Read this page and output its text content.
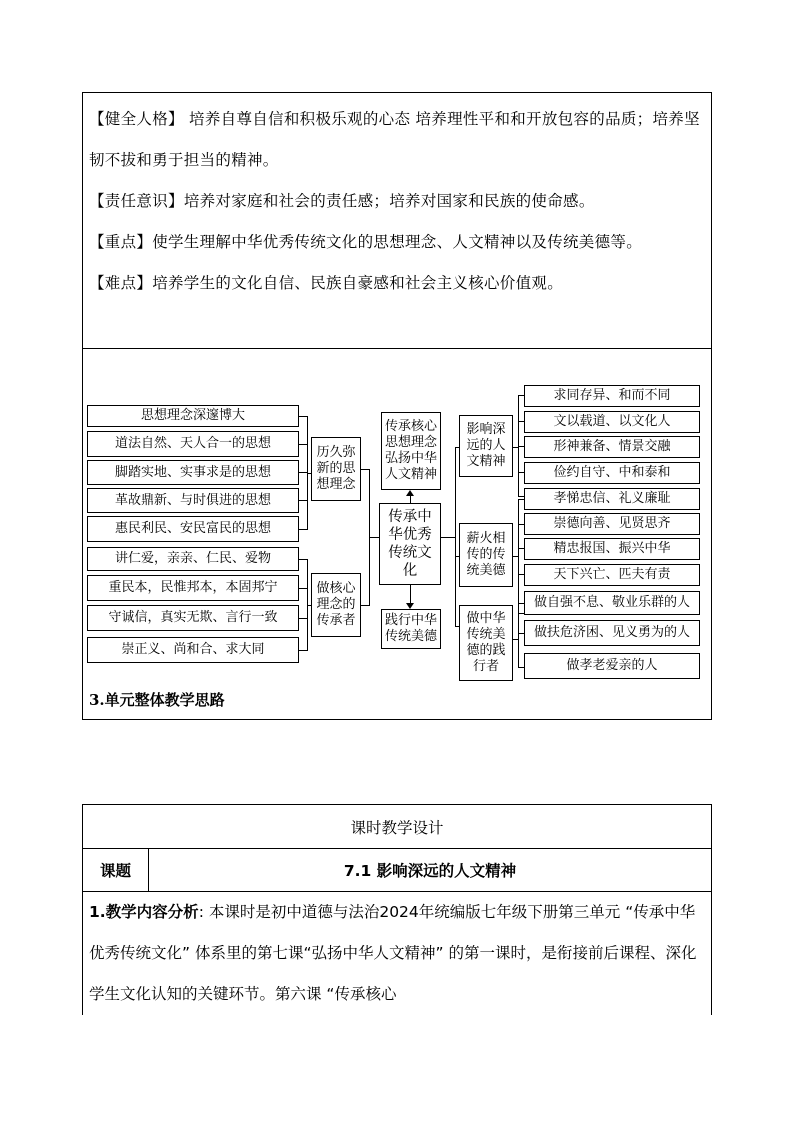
【健全人格】 培养自尊自信和积极乐观的心态 培养理性平和和开放包容的品质；培养坚韧不拔和勇于担当的精神。

【责任意识】培养对家庭和社会的责任感；培养对国家和民族的使命感。

【重点】使学生理解中华优秀传统文化的思想理念、人文精神以及传统美德等。

【难点】培养学生的文化自信、民族自豪感和社会主义核心价值观。

思想理念深邃博大
道法自然、天人合一的思想
脚踏实地、实事求是的思想
革故鼎新、与时俱进的思想
惠民利民、安民富民的思想
讲仁爱，亲亲、仁民、爱物
重民本，民惟邦本，本固邦宁
守诚信，真实无欺、言行一致
崇正义、尚和合、求大同
历久弥新的思想理念
做核心理念的传承者
传承中华优秀传统文化
传承核心思想理念弘扬中华人文精神
践行中华传统美德
影响深远的人文精神
薪火相传的传统美德
做中华传统美德的践行者
求同存异、和而不同
文以载道、以文化人
形神兼备、情景交融
俭约自守、中和泰和
孝悌忠信、礼义廉耻
崇德向善、见贤思齐
精忠报国、振兴中华
天下兴亡、匹夫有责
做自强不息、敬业乐群的人
做扶危济困、见义勇为的人
做孝老爱亲的人
3.单元整体教学思路
课时教学设计
课题	7.1 影响深远的人文精神
1.教学内容分析: 本课时是初中道德与法治2024年统编版七年级下册第三单元 “传承中华优秀传统文化” 体系里的第七课“弘扬中华人文精神” 的第一课时，是衔接前后课程、深化学生文化认知的关键环节。第六课 “传承核心
